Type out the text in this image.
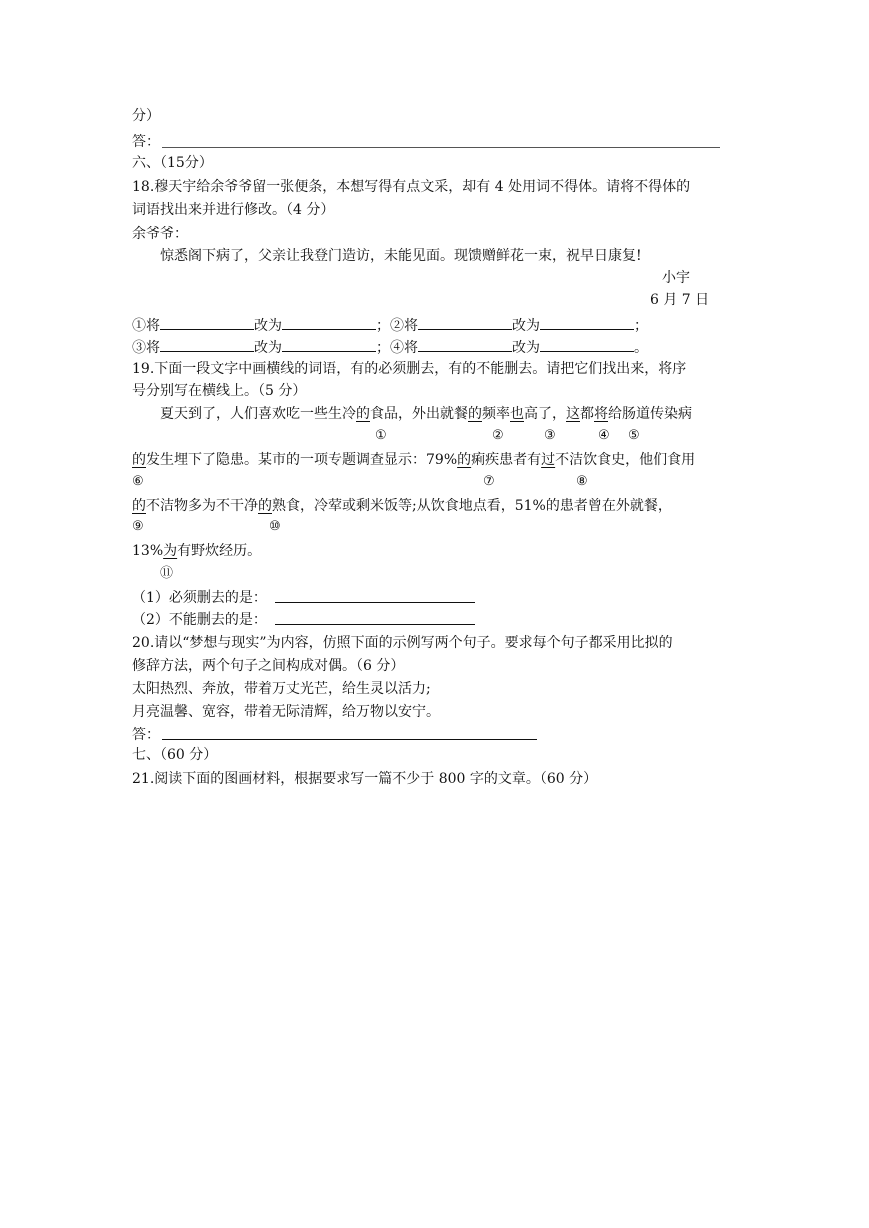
分）
答：
六、（15分）
18.穆天宇给余爷爷留一张便条，本想写得有点文采，却有 4 处用词不得体。请将不得体的
词语找出来并进行修改。（4 分）
余爷爷：
惊悉阁下病了，父亲让我登门造访，未能见面。现馈赠鲜花一束，祝早日康复!
小宇
6 月 7 日
①将	改为	；②将	改为	；
③将	改为	；④将	改为	。
19.下面一段文字中画横线的词语，有的必须删去，有的不能删去。请把它们找出来，将序
号分别写在横线上。（5 分）
夏天到了，人们喜欢吃一些生冷的食品，外出就餐的频率也高了，这都将给肠道传染病
①	②	③	④ ⑤
的发生埋下了隐患。某市的一项专题调查显示：79%的痢疾患者有过不洁饮食史，他们食用
⑥	⑦	⑧
的不洁物多为不干净的熟食，冷荤或剩米饭等;从饮食地点看，51%的患者曾在外就餐，
⑨	⑩
13%为有野炊经历。
⑪
（1）必须删去的是：
（2）不能删去的是：
20.请以“梦想与现实”为内容，仿照下面的示例写两个句子。要求每个句子都采用比拟的
修辞方法，两个句子之间构成对偶。（6 分）
太阳热烈、奔放，带着万丈光芒，给生灵以活力;
月亮温馨、宽容，带着无际清辉，给万物以安宁。
答：
七、（60 分）
21.阅读下面的图画材料，根据要求写一篇不少于 800 字的文章。（60 分）
